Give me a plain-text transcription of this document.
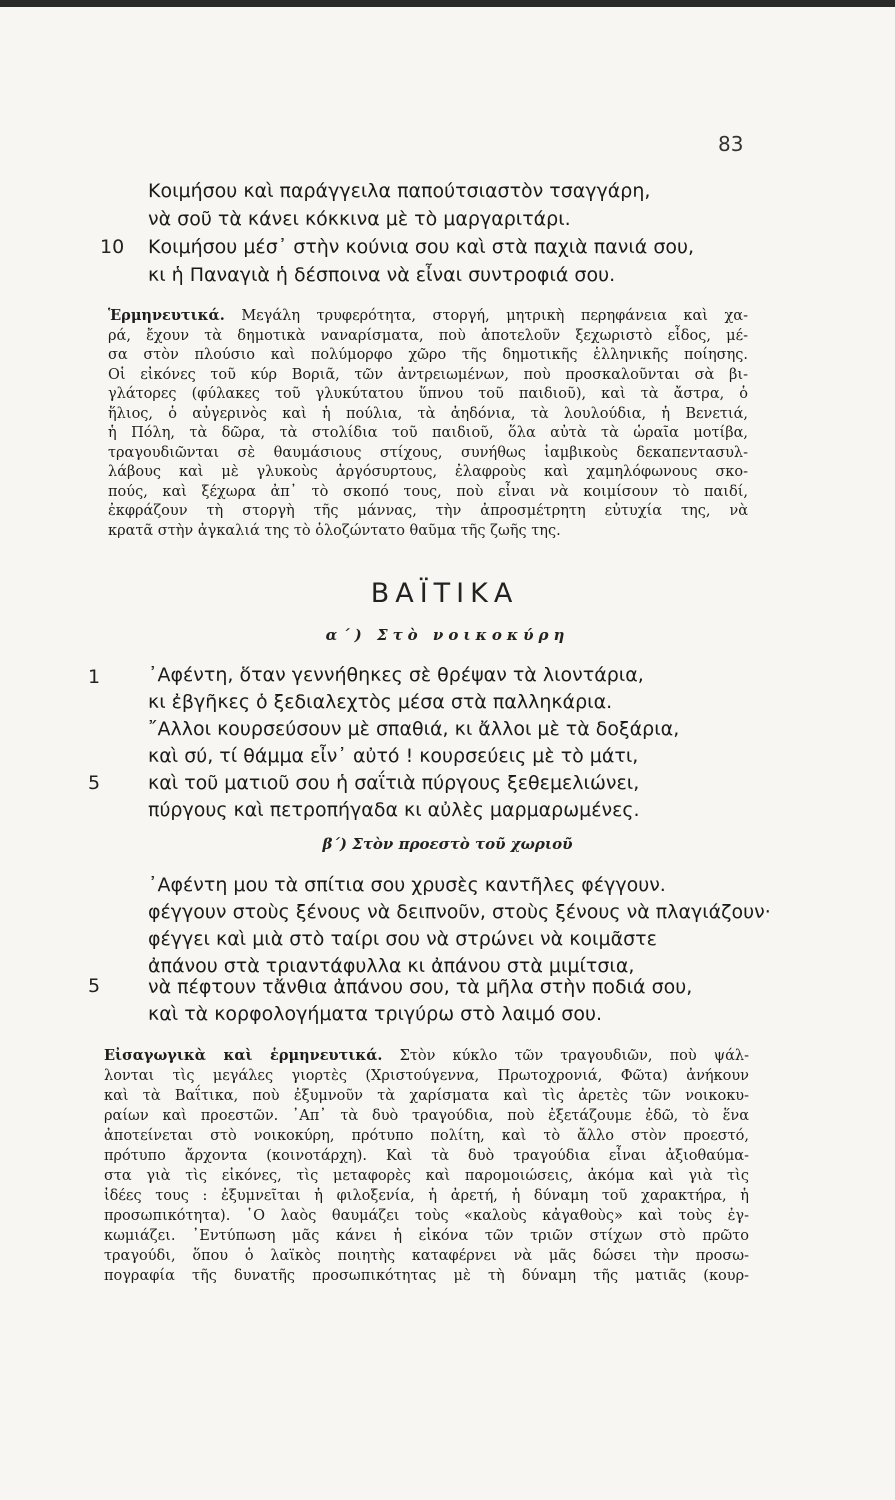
83
Κοιμήσου καὶ παράγγειλα παπούτσιαστὸν τσαγγάρη,
νὰ σοῦ τὰ κάνει κόκκινα μὲ τὸ μαργαριτάρι.
10 Κοιμήσου μέσ᾿ στὴν κούνια σου καὶ στὰ παχιὰ πανιά σου,
κι ἡ Παναγιὰ ἡ δέσποινα νὰ εἶναι συντροφιά σου.
Ἑρμηνευτικά. Μεγάλη τρυφερότητα, στοργή, μητρικὴ περηφάνεια καὶ χα-
ρά, ἔχουν τὰ δημοτικὰ ναναρίσματα, ποὺ ἀποτελοῦν ξεχωριστὸ εἶδος, μέ-
σα στὸν πλούσιο καὶ πολύμορφο χῶρο τῆς δημοτικῆς ἑλληνικῆς ποίησης.
Οἱ εἰκόνες τοῦ κύρ Βοριᾶ, τῶν ἀντρειωμένων, ποὺ προσκαλοῦνται σὰ βι-
γλάτορες (φύλακες τοῦ γλυκύτατου ὕπνου τοῦ παιδιοῦ), καὶ τὰ ἄστρα, ὁ
ἥλιος, ὁ αὐγερινὸς καὶ ἡ πούλια, τὰ ἀηδόνια, τὰ λουλούδια, ἡ Βενετιά,
ἡ Πόλη, τὰ δῶρα, τὰ στολίδια τοῦ παιδιοῦ, ὅλα αὐτὰ τὰ ὡραῖα μοτίβα,
τραγουδιῶνται σὲ θαυμάσιους στίχους, συνήθως ἰαμβικοὺς δεκαπεντασυλ-
λάβους καὶ μὲ γλυκοὺς ἀργόσυρτους, ἐλαφροὺς καὶ χαμηλόφωνους σκο-
πούς, καὶ ξέχωρα ἀπ᾿ τὸ σκοπό τους, ποὺ εἶναι νὰ κοιμίσουν τὸ παιδί,
ἐκφράζουν τὴ στοργὴ τῆς μάννας, τὴν ἀπροσμέτρητη εὐτυχία της, νὰ
κρατᾶ στὴν ἀγκαλιά της τὸ ὁλοζώντατο θαῦμα τῆς ζωῆς της.
ΒΑΪΤΙΚΑ
α΄) Στὸ νοικοκύρη
1	᾿Αφέντη, ὅταν γεννήθηκες σὲ θρέψαν τὰ λιοντάρια,
κι ἐβγῆκες ὁ ξεδιαλεχτὸς μέσα στὰ παλληκάρια.
῎Αλλοι κουρσεύσουν μὲ σπαθιά, κι ἄλλοι μὲ τὰ δοξάρια,
καὶ σύ, τί θάμμα εἶν᾿ αὐτό ! κουρσεύεις μὲ τὸ μάτι,
5	καὶ τοῦ ματιοῦ σου ἡ σαΐτιὰ πύργους ξεθεμελιώνει,
πύργους καὶ πετροπήγαδα κι αὐλὲς μαρμαρωμένες.
β΄) Στὸν προεστὸ τοῦ χωριοῦ
᾿Αφέντη μου τὰ σπίτια σου χρυσὲς καντῆλες φέγγουν.
φέγγουν στοὺς ξένους νὰ δειπνοῦν, στοὺς ξένους νὰ πλαγιάζουν·
φέγγει καὶ μιὰ στὸ ταίρι σου νὰ στρώνει νὰ κοιμᾶστε
ἀπάνου στὰ τριαντάφυλλα κι ἀπάνου στὰ μιμίτσια,
5	νὰ πέφτουν τἄνθια ἀπάνου σου, τὰ μῆλα στὴν ποδιά σου,
καὶ τὰ κορφολογήματα τριγύρω στὸ λαιμό σου.
Εἰσαγωγικὰ καὶ ἑρμηνευτικά. Στὸν κύκλο τῶν τραγουδιῶν, ποὺ ψάλ-
λονται τὶς μεγάλες γιορτὲς (Χριστούγεννα, Πρωτοχρονιά, Φῶτα) ἀνήκουν
καὶ τὰ Βαΐτικα, ποὺ ἐξυμνοῦν τὰ χαρίσματα καὶ τὶς ἀρετὲς τῶν νοικοκυ-
ραίων καὶ προεστῶν. ᾿Απ᾿ τὰ δυὸ τραγούδια, ποὺ ἐξετάζουμε ἐδῶ, τὸ ἕνα
ἀποτείνεται στὸ νοικοκύρη, πρότυπο πολίτη, καὶ τὸ ἄλλο στὸν προεστό,
πρότυπο ἄρχοντα (κοινοτάρχη). Καὶ τὰ δυὸ τραγούδια εἶναι ἀξιοθαύμα-
στα γιὰ τὶς εἰκόνες, τὶς μεταφορὲς καὶ παρομοιώσεις, ἀκόμα καὶ γιὰ τὶς
ἰδέες τους : ἐξυμνεῖται ἡ φιλοξενία, ἡ ἀρετή, ἡ δύναμη τοῦ χαρακτήρα, ἡ
προσωπικότητα). ῾Ο λαὸς θαυμάζει τοὺς «καλοὺς κἀγαθοὺς» καὶ τοὺς ἐγ-
κωμιάζει. ᾿Εντύπωση μᾶς κάνει ἡ εἰκόνα τῶν τριῶν στίχων στὸ πρῶτο
τραγούδι, ὅπου ὁ λαϊκὸς ποιητὴς καταφέρνει νὰ μᾶς δώσει τὴν προσω-
πογραφία τῆς δυνατῆς προσωπικότητας μὲ τὴ δύναμη τῆς ματιᾶς (κουρ-
